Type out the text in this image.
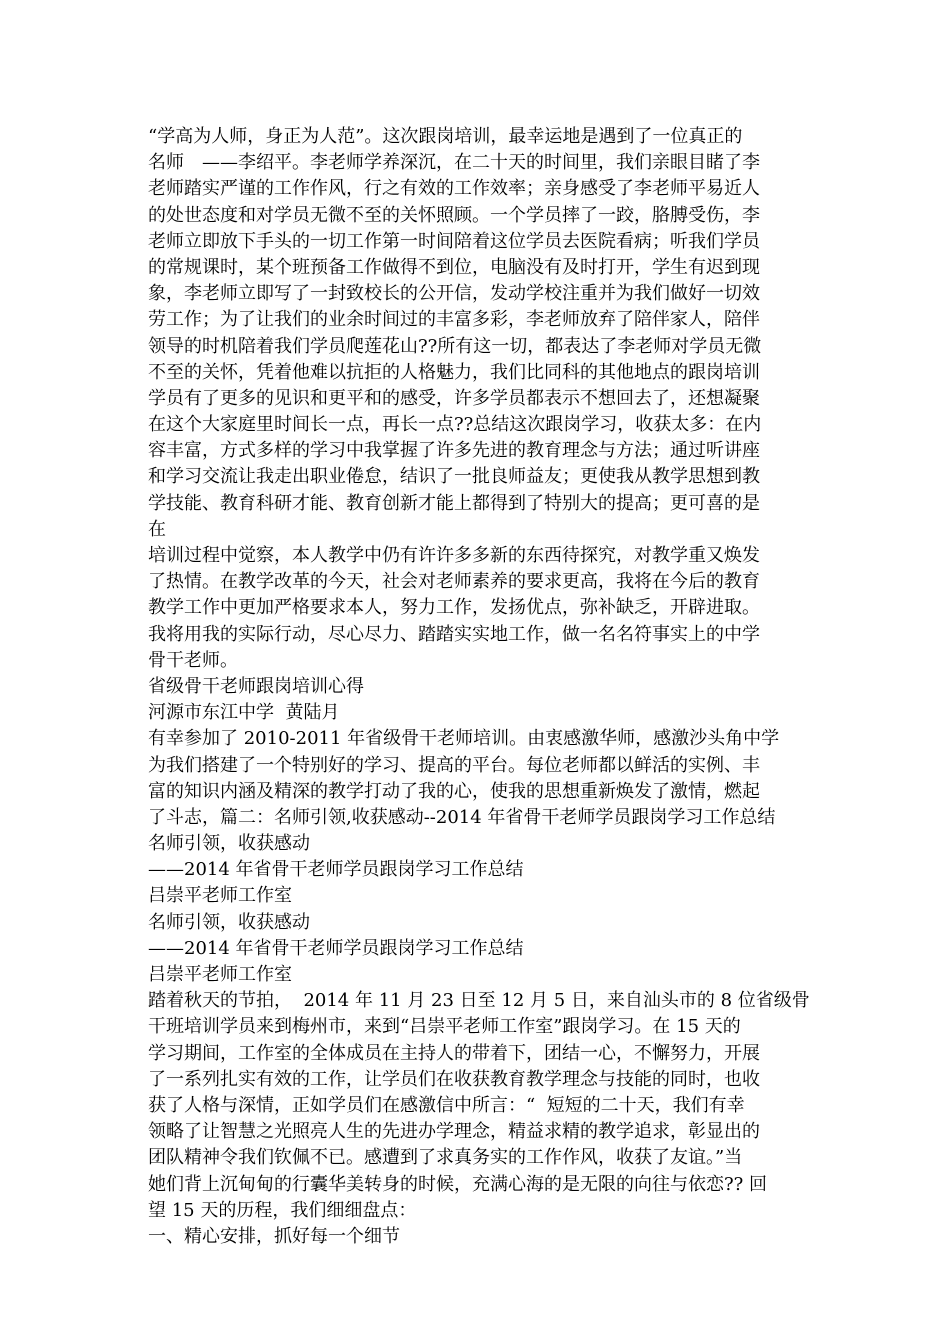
“学高为人师，身正为人范”。这次跟岗培训，最幸运地是遇到了一位真正的
名师　——李绍平。李老师学养深沉，在二十天的时间里，我们亲眼目睹了李
老师踏实严谨的工作作风，行之有效的工作效率；亲身感受了李老师平易近人
的处世态度和对学员无微不至的关怀照顾。一个学员摔了一跤，胳膊受伤，李
老师立即放下手头的一切工作第一时间陪着这位学员去医院看病；听我们学员
的常规课时，某个班预备工作做得不到位，电脑没有及时打开，学生有迟到现
象，李老师立即写了一封致校长的公开信，发动学校注重并为我们做好一切效
劳工作；为了让我们的业余时间过的丰富多彩，李老师放弃了陪伴家人，陪伴
领导的时机陪着我们学员爬莲花山??所有这一切，都表达了李老师对学员无微
不至的关怀，凭着他难以抗拒的人格魅力，我们比同科的其他地点的跟岗培训
学员有了更多的见识和更平和的感受，许多学员都表示不想回去了，还想凝聚
在这个大家庭里时间长一点，再长一点??总结这次跟岗学习，收获太多：在内
容丰富，方式多样的学习中我掌握了许多先进的教育理念与方法；通过听讲座
和学习交流让我走出职业倦怠，结识了一批良师益友；更使我从教学思想到教
学技能、教育科研才能、教育创新才能上都得到了特别大的提高；更可喜的是
在
培训过程中觉察，本人教学中仍有许许多多新的东西待探究，对教学重又焕发
了热情。在教学改革的今天，社会对老师素养的要求更高，我将在今后的教育
教学工作中更加严格要求本人，努力工作，发扬优点，弥补缺乏，开辟进取。
我将用我的实际行动，尽心尽力、踏踏实实地工作，做一名名符事实上的中学
骨干老师。
省级骨干老师跟岗培训心得
河源市东江中学  黄陆月
有幸参加了 2010-2011 年省级骨干老师培训。由衷感激华师，感激沙头角中学
为我们搭建了一个特别好的学习、提高的平台。每位老师都以鲜活的实例、丰
富的知识内涵及精深的教学打动了我的心，使我的思想重新焕发了激情，燃起
了斗志，篇二：名师引领,收获感动--2014 年省骨干老师学员跟岗学习工作总结
名师引领，收获感动
——2014 年省骨干老师学员跟岗学习工作总结
吕崇平老师工作室
名师引领，收获感动
——2014 年省骨干老师学员跟岗学习工作总结
吕崇平老师工作室
踏着秋天的节拍，  2014 年 11 月 23 日至 12 月 5 日，来自汕头市的 8 位省级骨
干班培训学员来到梅州市，来到“吕崇平老师工作室”跟岗学习。在 15 天的
学习期间，工作室的全体成员在主持人的带着下，团结一心，不懈努力，开展
了一系列扎实有效的工作，让学员们在收获教育教学理念与技能的同时，也收
获了人格与深情，正如学员们在感激信中所言：“  短短的二十天，我们有幸
领略了让智慧之光照亮人生的先进办学理念，精益求精的教学追求，彰显出的
团队精神令我们钦佩不已。感遭到了求真务实的工作作风，收获了友谊。”当
她们背上沉甸甸的行囊华美转身的时候，充满心海的是无限的向往与依恋?? 回
望 15 天的历程，我们细细盘点：
一、精心安排，抓好每一个细节
